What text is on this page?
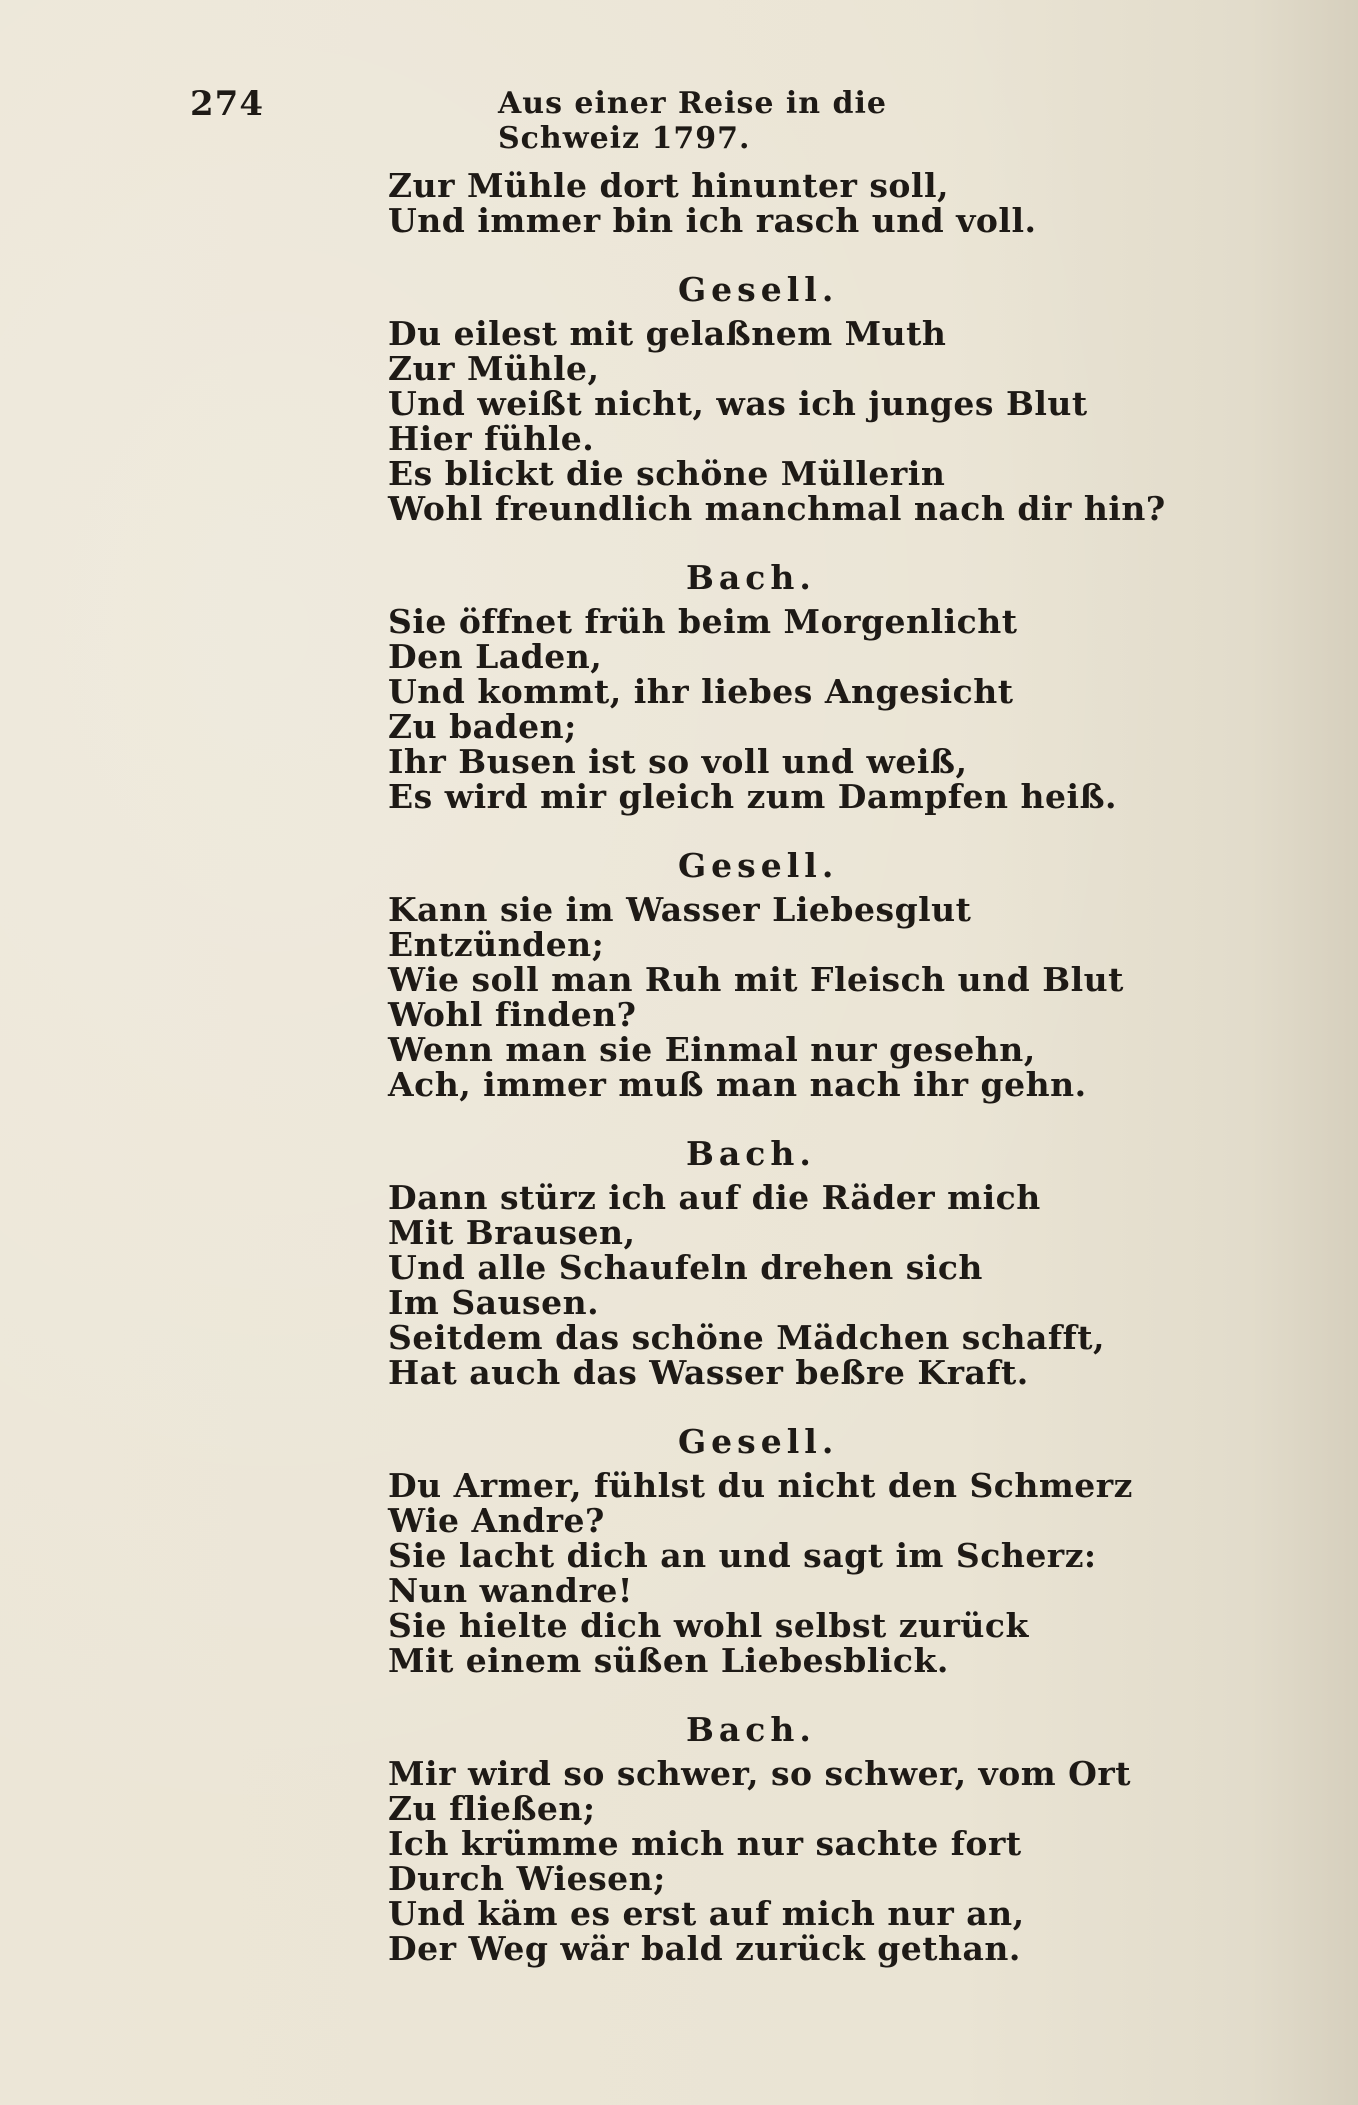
274	Aus einer Reise in die Schweiz 1797.
Zur Mühle dort hinunter soll,
Und immer bin ich rasch und voll.
Gesell.
Du eilest mit gelaßnem Muth
Zur Mühle,
Und weißt nicht, was ich junges Blut
Hier fühle.
Es blickt die schöne Müllerin
Wohl freundlich manchmal nach dir hin?
Bach.
Sie öffnet früh beim Morgenlicht
Den Laden,
Und kommt, ihr liebes Angesicht
Zu baden;
Ihr Busen ist so voll und weiß,
Es wird mir gleich zum Dampfen heiß.
Gesell.
Kann sie im Wasser Liebesglut
Entzünden;
Wie soll man Ruh mit Fleisch und Blut
Wohl finden?
Wenn man sie Einmal nur gesehn,
Ach, immer muß man nach ihr gehn.
Bach.
Dann stürz ich auf die Räder mich
Mit Brausen,
Und alle Schaufeln drehen sich
Im Sausen.
Seitdem das schöne Mädchen schafft,
Hat auch das Wasser beßre Kraft.
Gesell.
Du Armer, fühlst du nicht den Schmerz
Wie Andre?
Sie lacht dich an und sagt im Scherz:
Nun wandre!
Sie hielte dich wohl selbst zurück
Mit einem süßen Liebesblick.
Bach.
Mir wird so schwer, so schwer, vom Ort
Zu fließen;
Ich krümme mich nur sachte fort
Durch Wiesen;
Und käm es erst auf mich nur an,
Der Weg wär bald zurück gethan.
